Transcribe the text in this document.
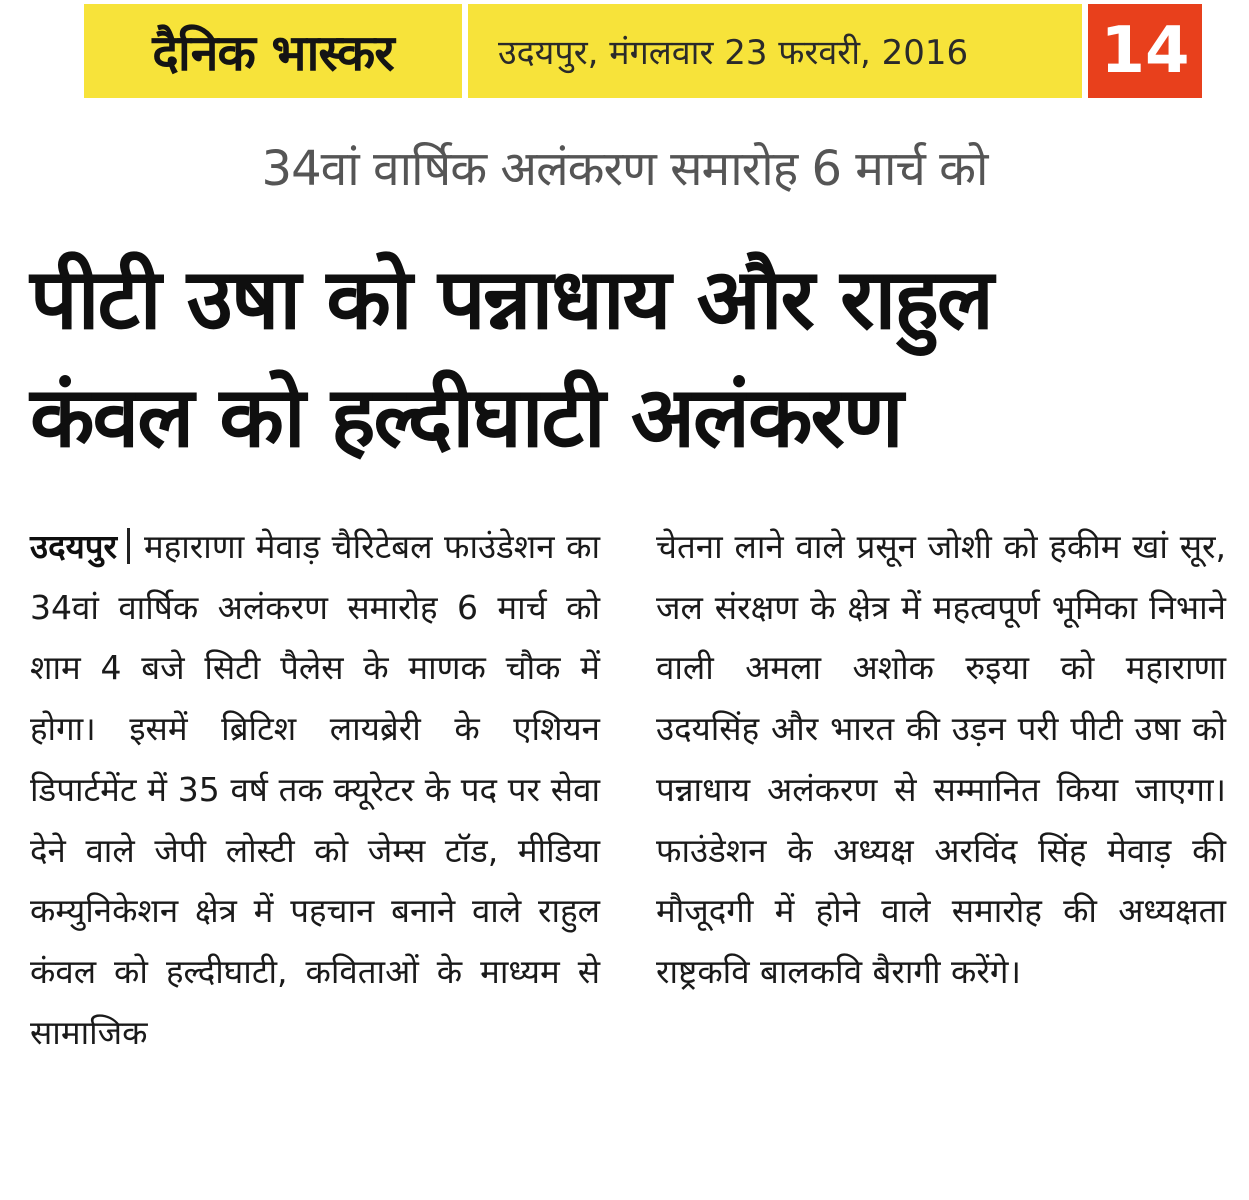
दैनिक भास्कर	उदयपुर, मंगलवार 23 फरवरी, 2016	14
34वां वार्षिक अलंकरण समारोह 6 मार्च को
पीटी उषा को पन्नाधाय और राहुल
कंवल को हल्दीघाटी अलंकरण
उदयपुर महाराणा मेवाड़ चैरिटेबल फाउंडेशन का 34वां वार्षिक अलंकरण समारोह 6 मार्च को शाम 4 बजे सिटी पैलेस के माणक चौक में होगा। इसमें ब्रिटिश लायब्रेरी के एशियन डिपार्टमेंट में 35 वर्ष तक क्यूरेटर के पद पर सेवा देने वाले जेपी लोस्टी को जेम्स टॉड, मीडिया कम्युनिकेशन क्षेत्र में पहचान बनाने वाले राहुल कंवल को हल्दीघाटी, कविताओं के माध्यम से सामाजिक
चेतना लाने वाले प्रसून जोशी को हकीम खां सूर, जल संरक्षण के क्षेत्र में महत्वपूर्ण भूमिका निभाने वाली अमला अशोक रुइया को महाराणा उदयसिंह और भारत की उड़न परी पीटी उषा को पन्नाधाय अलंकरण से सम्मानित किया जाएगा। फाउंडेशन के अध्यक्ष अरविंद सिंह मेवाड़ की मौजूदगी में होने वाले समारोह की अध्यक्षता राष्ट्रकवि बालकवि बैरागी करेंगे।
